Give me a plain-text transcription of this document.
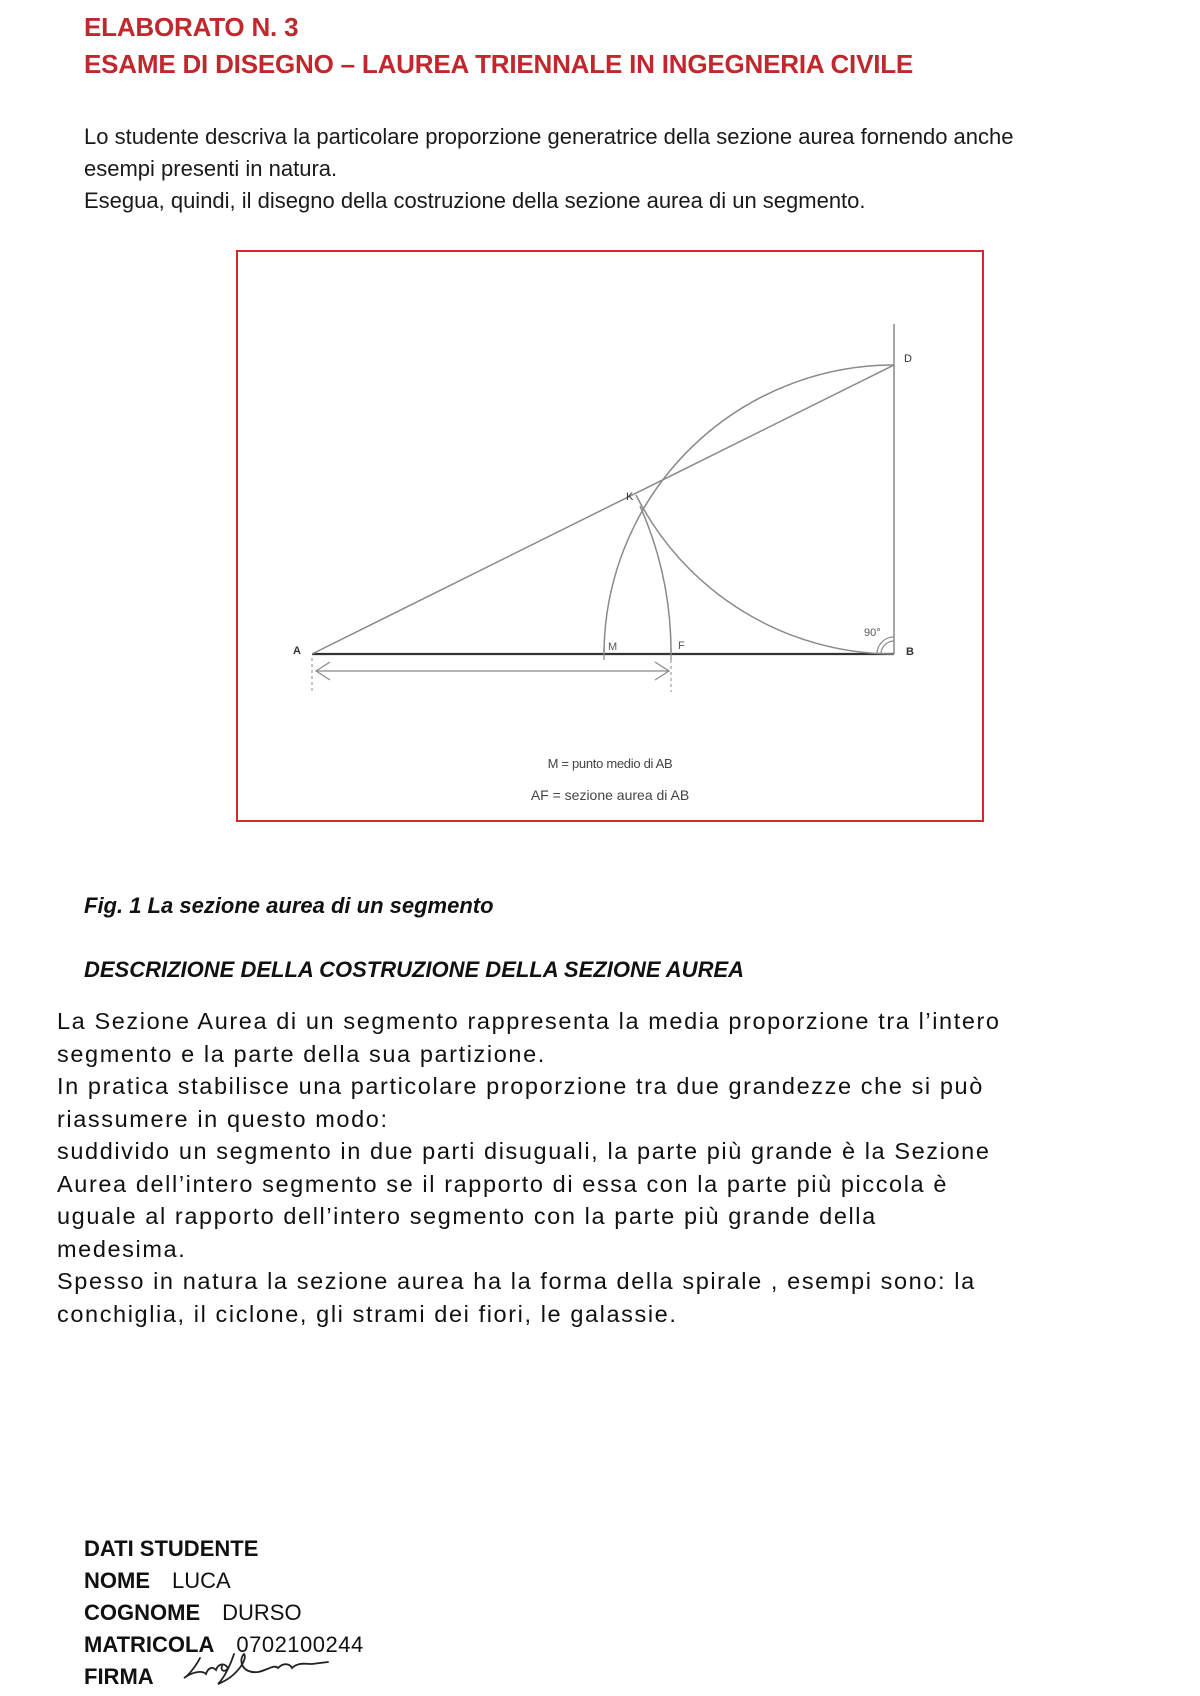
ELABORATO N. 3
ESAME DI DISEGNO – LAUREA TRIENNALE IN INGEGNERIA CIVILE

Lo studente descriva la particolare proporzione generatrice della sezione aurea fornendo anche
esempi presenti in natura.
Esegua, quindi, il disegno della costruzione della sezione aurea di un segmento.

A	B
D
K
M	F
90°
M = punto medio di AB
AF = sezione aurea di AB

Fig. 1 La sezione aurea di un segmento

DESCRIZIONE DELLA COSTRUZIONE DELLA SEZIONE AUREA

La Sezione Aurea di un segmento rappresenta la media proporzione tra l’intero
segmento e la parte della sua partizione.
In pratica stabilisce una particolare proporzione tra due grandezze che si può
riassumere in questo modo:
suddivido un segmento in due parti disuguali, la parte più grande è la Sezione
Aurea dell’intero segmento se il rapporto di essa con la parte più piccola è
uguale al rapporto dell’intero segmento con la parte più grande della
medesima.
Spesso in natura la sezione aurea ha la forma della spirale , esempi sono: la
conchiglia, il ciclone, gli strami dei fiori, le galassie.

DATI STUDENTE
NOME LUCA
COGNOME DURSO
MATRICOLA 0702100244
FIRMA
